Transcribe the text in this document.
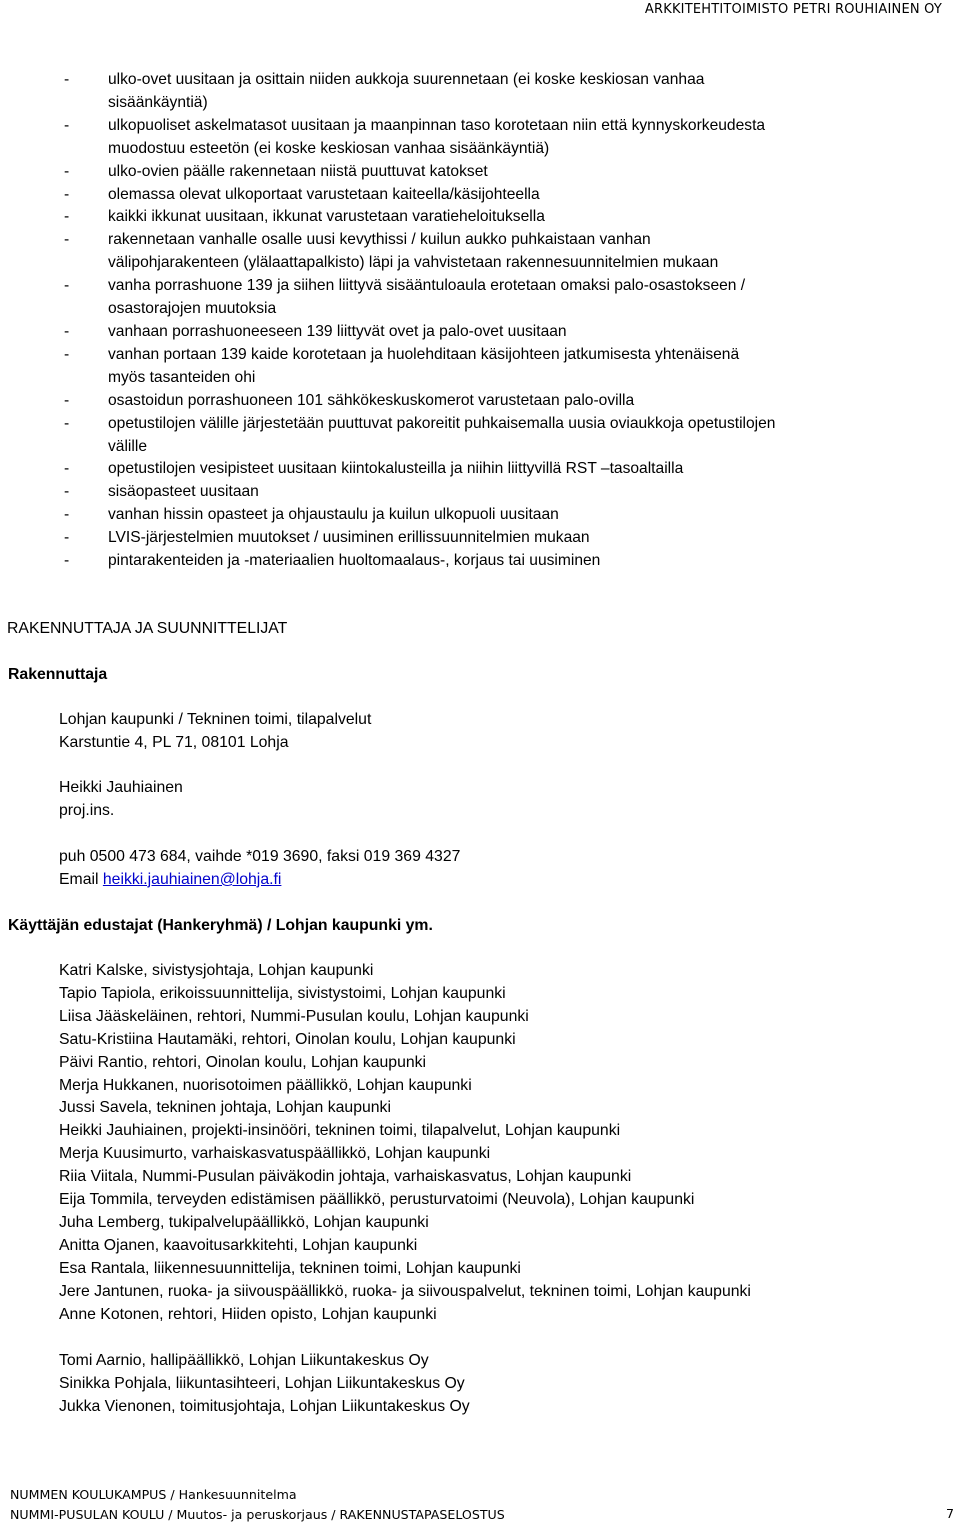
ARKKITEHTITOIMISTO PETRI ROUHIAINEN OY
- ulko-ovet uusitaan ja osittain niiden aukkoja suurennetaan (ei koske keskiosan vanhaa
sisäänkäyntiä)
- ulkopuoliset askelmatasot uusitaan ja maanpinnan taso korotetaan niin että kynnyskorkeudesta
muodostuu esteetön (ei koske keskiosan vanhaa sisäänkäyntiä)
- ulko-ovien päälle rakennetaan niistä puuttuvat katokset
- olemassa olevat ulkoportaat varustetaan kaiteella/käsijohteella
- kaikki ikkunat uusitaan, ikkunat varustetaan varatieheloituksella
- rakennetaan vanhalle osalle uusi kevythissi / kuilun aukko puhkaistaan vanhan
välipohjarakenteen (ylälaattapalkisto) läpi ja vahvistetaan rakennesuunnitelmien mukaan
- vanha porrashuone 139 ja siihen liittyvä sisääntuloaula erotetaan omaksi palo-osastokseen /
osastorajojen muutoksia
- vanhaan porrashuoneeseen 139 liittyvät ovet ja palo-ovet uusitaan
- vanhan portaan 139 kaide korotetaan ja huolehditaan käsijohteen jatkumisesta yhtenäisenä
myös tasanteiden ohi
- osastoidun porrashuoneen 101 sähkökeskuskomerot varustetaan palo-ovilla
- opetustilojen välille järjestetään puuttuvat pakoreitit puhkaisemalla uusia oviaukkoja opetustilojen
välille
- opetustilojen vesipisteet uusitaan kiintokalusteilla ja niihin liittyvillä RST –tasoaltailla
- sisäopasteet uusitaan
- vanhan hissin opasteet ja ohjaustaulu ja kuilun ulkopuoli uusitaan
- LVIS-järjestelmien muutokset / uusiminen erillissuunnitelmien mukaan
- pintarakenteiden ja -materiaalien huoltomaalaus-, korjaus tai uusiminen
RAKENNUTTAJA JA SUUNNITTELIJAT
Rakennuttaja
Lohjan kaupunki / Tekninen toimi, tilapalvelut
Karstuntie 4, PL 71, 08101 Lohja
Heikki Jauhiainen
proj.ins.
puh 0500 473 684, vaihde *019 3690, faksi 019 369 4327
Email heikki.jauhiainen@lohja.fi
Käyttäjän edustajat (Hankeryhmä) / Lohjan kaupunki ym.
Katri Kalske, sivistysjohtaja, Lohjan kaupunki
Tapio Tapiola, erikoissuunnittelija, sivistystoimi, Lohjan kaupunki
Liisa Jääskeläinen, rehtori, Nummi-Pusulan koulu, Lohjan kaupunki
Satu-Kristiina Hautamäki, rehtori, Oinolan koulu, Lohjan kaupunki
Päivi Rantio, rehtori, Oinolan koulu, Lohjan kaupunki
Merja Hukkanen, nuorisotoimen päällikkö, Lohjan kaupunki
Jussi Savela, tekninen johtaja, Lohjan kaupunki
Heikki Jauhiainen, projekti-insinööri, tekninen toimi, tilapalvelut, Lohjan kaupunki
Merja Kuusimurto, varhaiskasvatuspäällikkö, Lohjan kaupunki
Riia Viitala, Nummi-Pusulan päiväkodin johtaja, varhaiskasvatus, Lohjan kaupunki
Eija Tommila, terveyden edistämisen päällikkö, perusturvatoimi (Neuvola), Lohjan kaupunki
Juha Lemberg, tukipalvelupäällikkö, Lohjan kaupunki
Anitta Ojanen, kaavoitusarkkitehti, Lohjan kaupunki
Esa Rantala, liikennesuunnittelija, tekninen toimi, Lohjan kaupunki
Jere Jantunen, ruoka- ja siivouspäällikkö, ruoka- ja siivouspalvelut, tekninen toimi, Lohjan kaupunki
Anne Kotonen, rehtori, Hiiden opisto, Lohjan kaupunki
Tomi Aarnio, hallipäällikkö, Lohjan Liikuntakeskus Oy
Sinikka Pohjala, liikuntasihteeri, Lohjan Liikuntakeskus Oy
Jukka Vienonen, toimitusjohtaja, Lohjan Liikuntakeskus Oy
NUMMEN KOULUKAMPUS / Hankesuunnitelma
NUMMI-PUSULAN KOULU / Muutos- ja peruskorjaus / RAKENNUSTAPASELOSTUS	7
